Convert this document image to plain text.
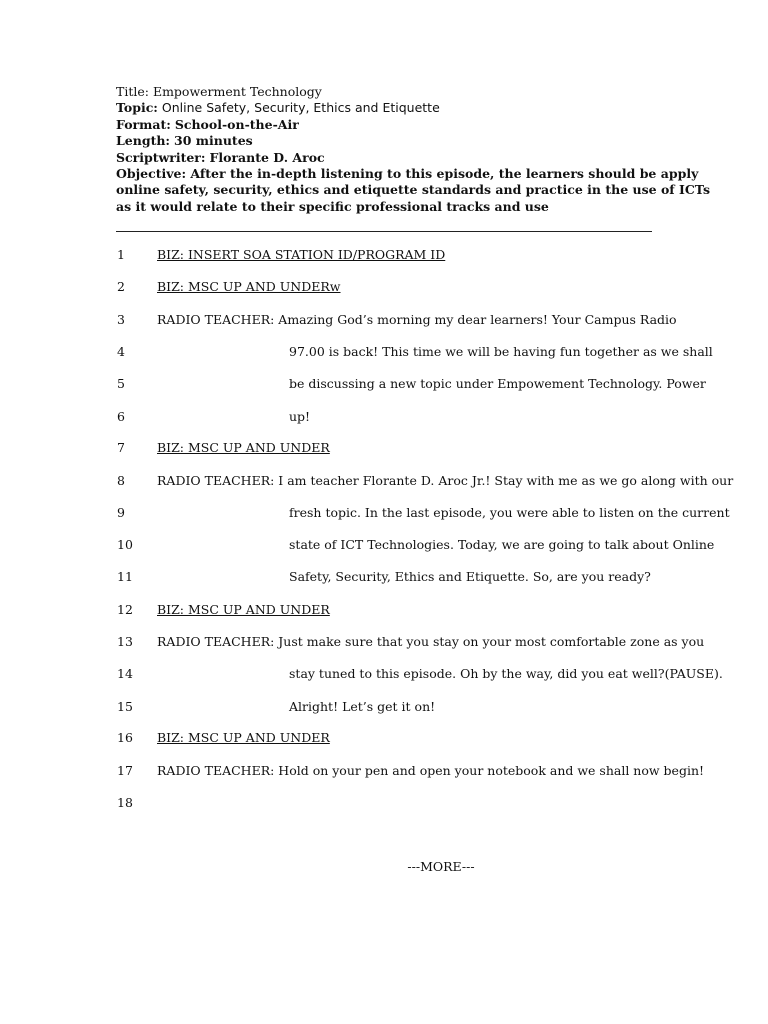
Title: Empowerment Technology
Topic: Online Safety, Security, Ethics and Etiquette
Format: School-on-the-Air
Length: 30 minutes
Scriptwriter: Florante D. Aroc
Objective: After the in-depth listening to this episode, the learners should be apply
online safety, security, ethics and etiquette standards and practice in the use of ICTs
as it would relate to their specific professional tracks and use
1	BIZ: INSERT SOA STATION ID/PROGRAM ID
2	BIZ: MSC UP AND UNDERw
3	RADIO TEACHER: Amazing God’s morning my dear learners! Your Campus Radio
4	97.00 is back! This time we will be having fun together as we shall
5	be discussing a new topic under Empowement Technology. Power
6	up!
7	BIZ: MSC UP AND UNDER
8	RADIO TEACHER: I am teacher Florante D. Aroc Jr.! Stay with me as we go along with our
9	fresh topic. In the last episode, you were able to listen on the current
10	state of ICT Technologies. Today, we are going to talk about Online
11	Safety, Security, Ethics and Etiquette. So, are you ready?
12 BIZ: MSC UP AND UNDER
13 RADIO TEACHER: Just make sure that you stay on your most comfortable zone as you
14	stay tuned to this episode. Oh by the way, did you eat well?(PAUSE).
15	Alright! Let’s get it on!
16 BIZ: MSC UP AND UNDER
17 RADIO TEACHER: Hold on your pen and open your notebook and we shall now begin!
18
---MORE---
